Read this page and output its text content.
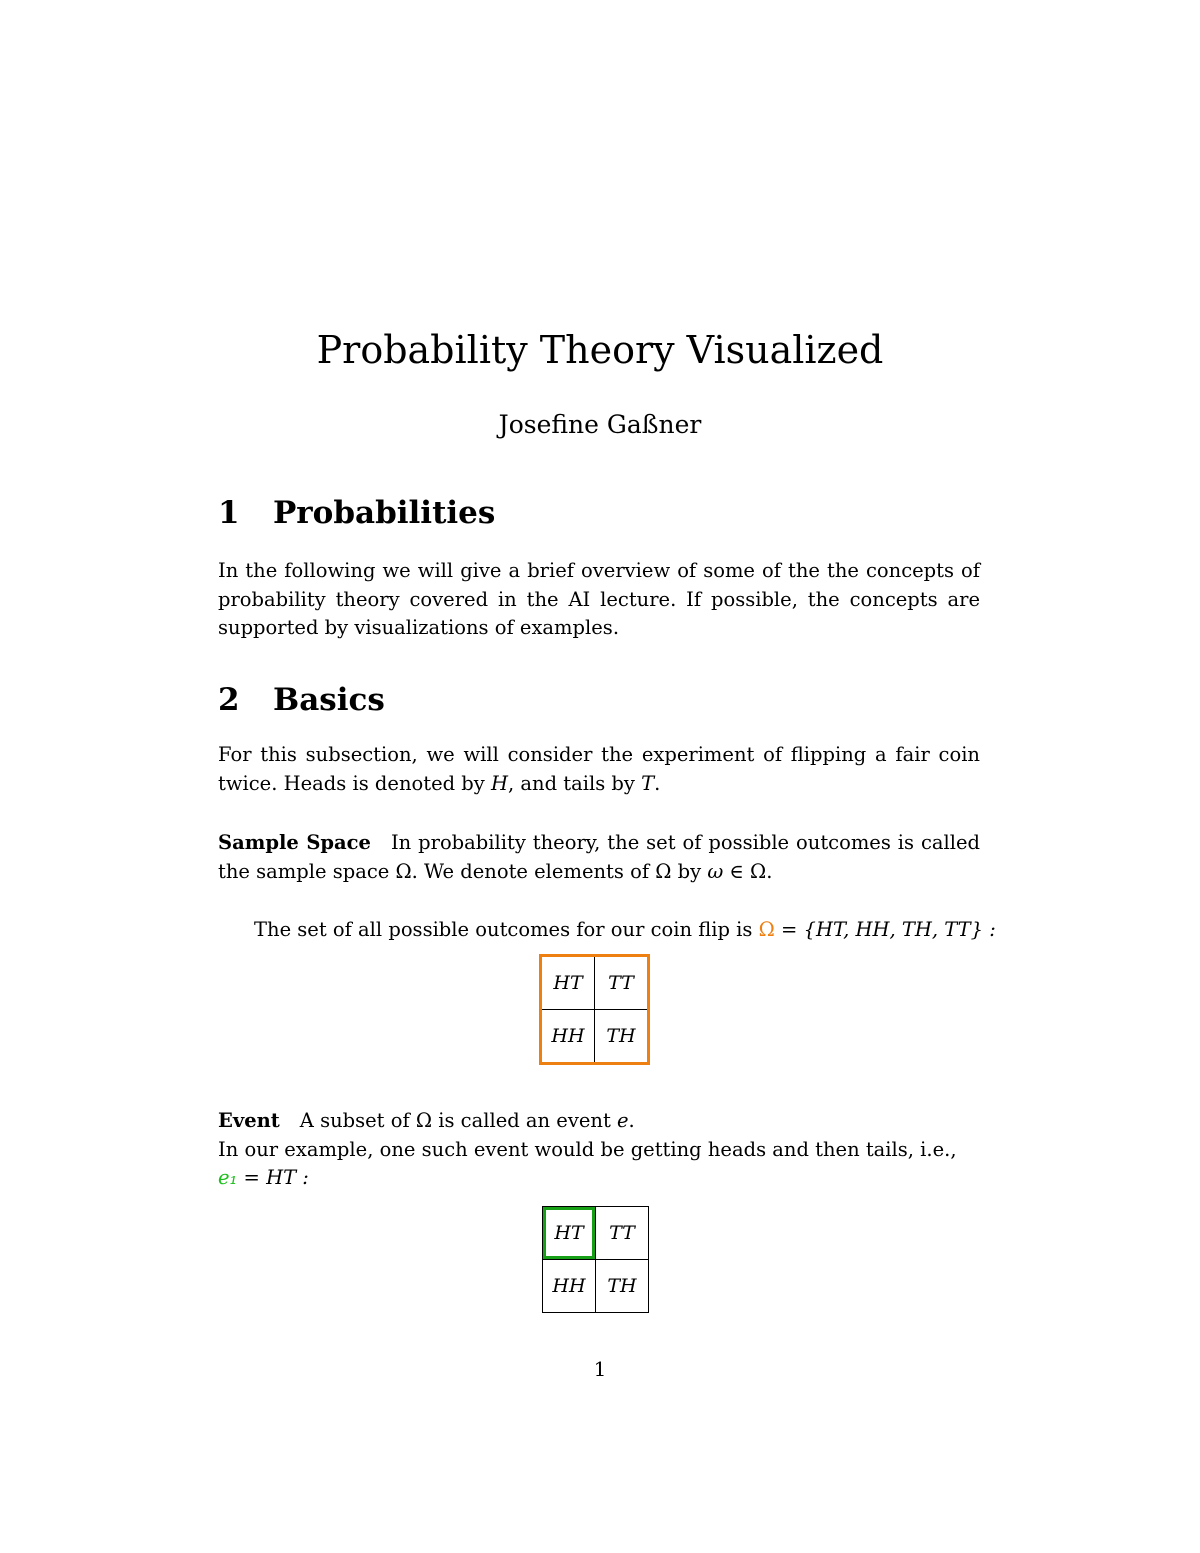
Probability Theory Visualized
Josefine Gaßner
1 Probabilities

In the following we will give a brief overview of some of the the concepts of probability theory covered in the AI lecture. If possible, the concepts are supported by visualizations of examples.

2 Basics

For this subsection, we will consider the experiment of flipping a fair coin twice. Heads is denoted by H, and tails by T.

Sample Space In probability theory, the set of possible outcomes is called the sample space Ω. We denote elements of Ω by ω ∈ Ω.

The set of all possible outcomes for our coin flip is Ω = {HT, HH, TH, TT} :
HT	TT
HH	TH

Event A subset of Ω is called an event e.
In our example, one such event would be getting heads and then tails, i.e.,
e₁ = HT :

HT	TT
HH	TH
1
